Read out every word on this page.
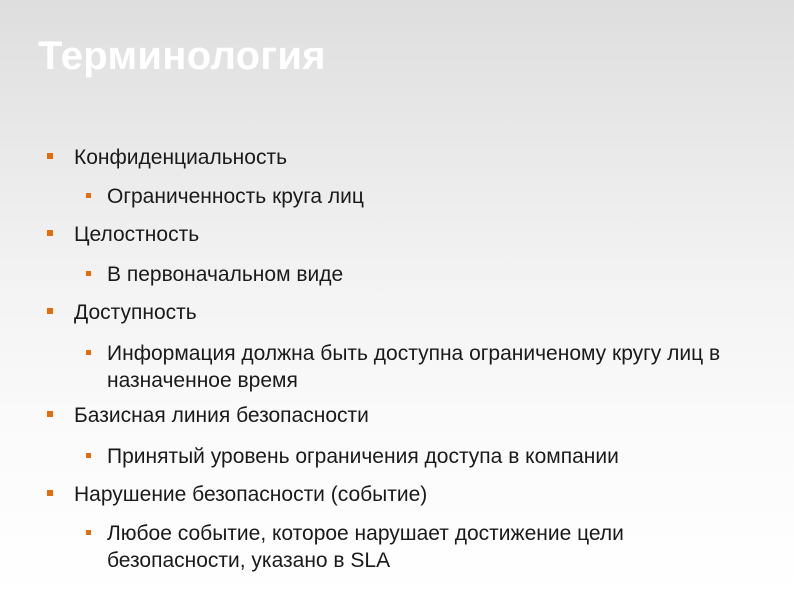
Терминология
Конфиденциальность
Ограниченность круга лиц
Целостность
В первоначальном виде
Доступность
Информация должна быть доступна ограниченому кругу лиц в назначенное время
Базисная линия безопасности
Принятый уровень ограничения доступа в компании
Нарушение безопасности (событие)
Любое событие, которое нарушает достижение цели безопасности, указано в SLA
